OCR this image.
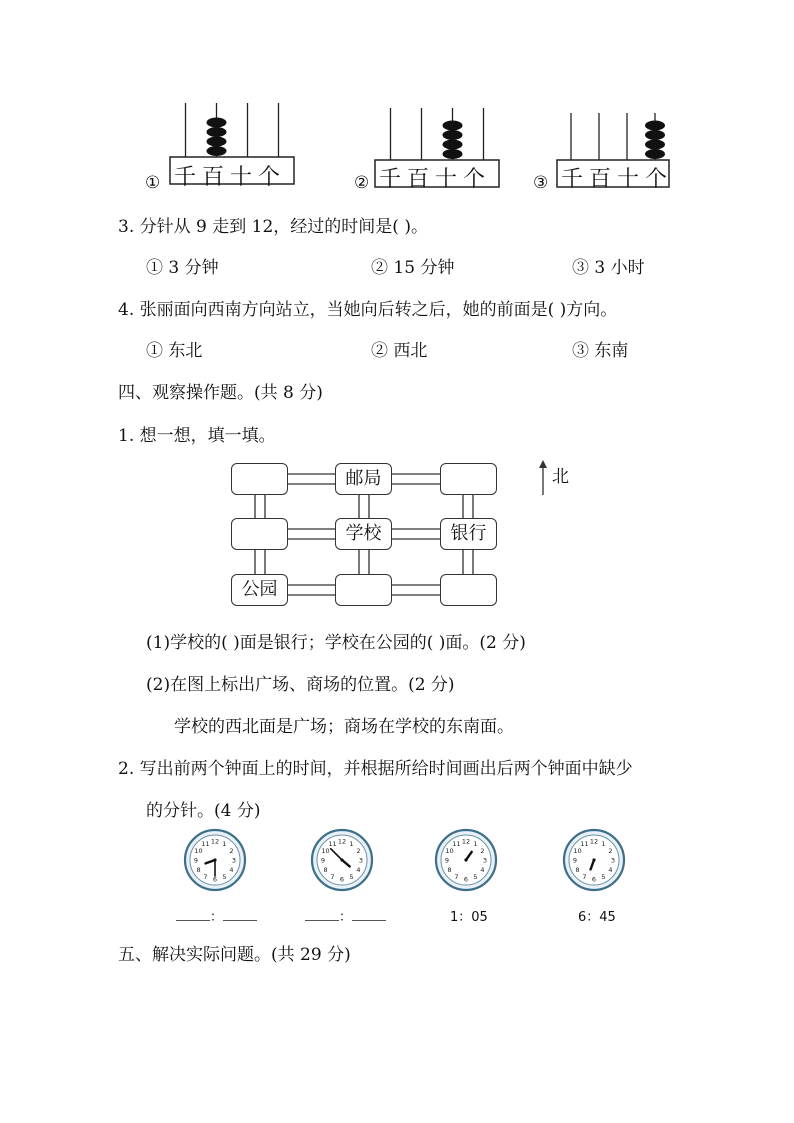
千百十个	千百十个	千百十个
①	②	③
3. 分针从 9 走到 12，经过的时间是( )。
① 3 分钟	② 15 分钟	③ 3 小时
4. 张丽面向西南方向站立，当她向后转之后，她的前面是( )方向。
① 东北	② 西北	③ 东南
四、观察操作题。(共 8 分)
1. 想一想，填一填。
邮局
学校	银行
公园
北
(1)学校的( )面是银行；学校在公园的( )面。(2 分)
(2)在图上标出广场、商场的位置。(2 分)
学校的西北面是广场；商场在学校的东南面。
2. 写出前两个钟面上的时间，并根据所给时间画出后两个钟面中缺少
的分针。(4 分)
1
2
3
4
5
6
7
8
9
10
11 12	1
2
3
4
5
6
7
8
9
10
11 12	1
2
3
4
5
6
7
8
9
10
11 12	1
2
3
4
5
6
7
8
9
10
11 12
：	：	1：05	6：45
五、解决实际问题。(共 29 分)
